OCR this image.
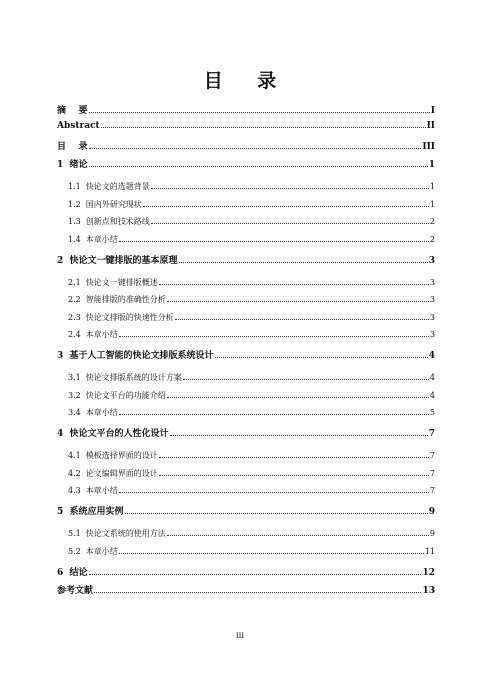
目 录
摘    要	I
Abstract	II
目    录	III
1  绪论	1
1.1  快论文的选题背景	1
1.2  国内外研究现状	1
1.3  创新点和技术路线	2
1.4  本章小结	2
2  快论文一键排版的基本原理	3
2.1  快论文一键排版概述	3
2.2  智能排版的准确性分析	3
2.3  快论文排版的快速性分析	3
2.4  本章小结	3
3  基于人工智能的快论文排版系统设计	4
3.1  快论文排版系统的设计方案	4
3.2  快论文平台的功能介绍	4
3.4  本章小结	5
4  快论文平台的人性化设计	7
4.1  模板选择界面的设计	7
4.2  论文编辑界面的设计	7
4.3  本章小结	7
5  系统应用实例	9
5.1  快论文系统的使用方法	9
5.2  本章小结	11
6  结论	12
参考文献	13
III
